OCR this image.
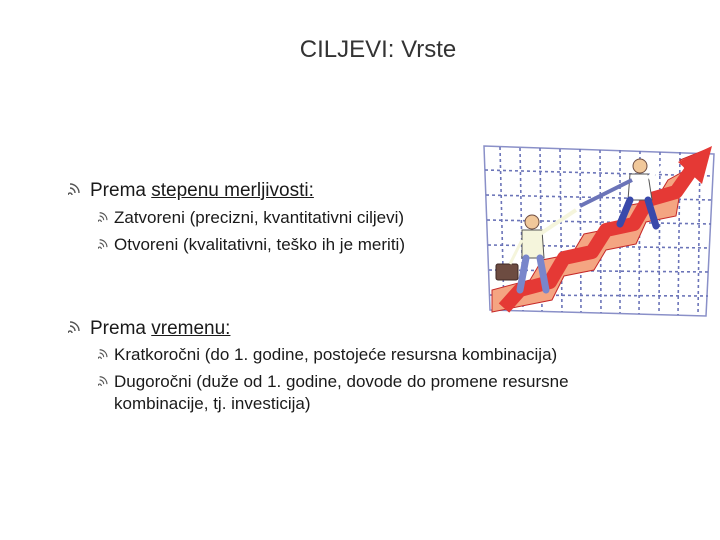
CILJEVI: Vrste
Prema stepenu merljivosti:
Zatvoreni (precizni, kvantitativni ciljevi)
Otvoreni (kvalitativni, teško ih je meriti)
Prema vremenu:
Kratkoročni (do 1. godine, postojeće resursna kombinacija)
Dugoročni (duže od 1. godine, dovode do promene resursne
kombinacije, tj. investicija)
